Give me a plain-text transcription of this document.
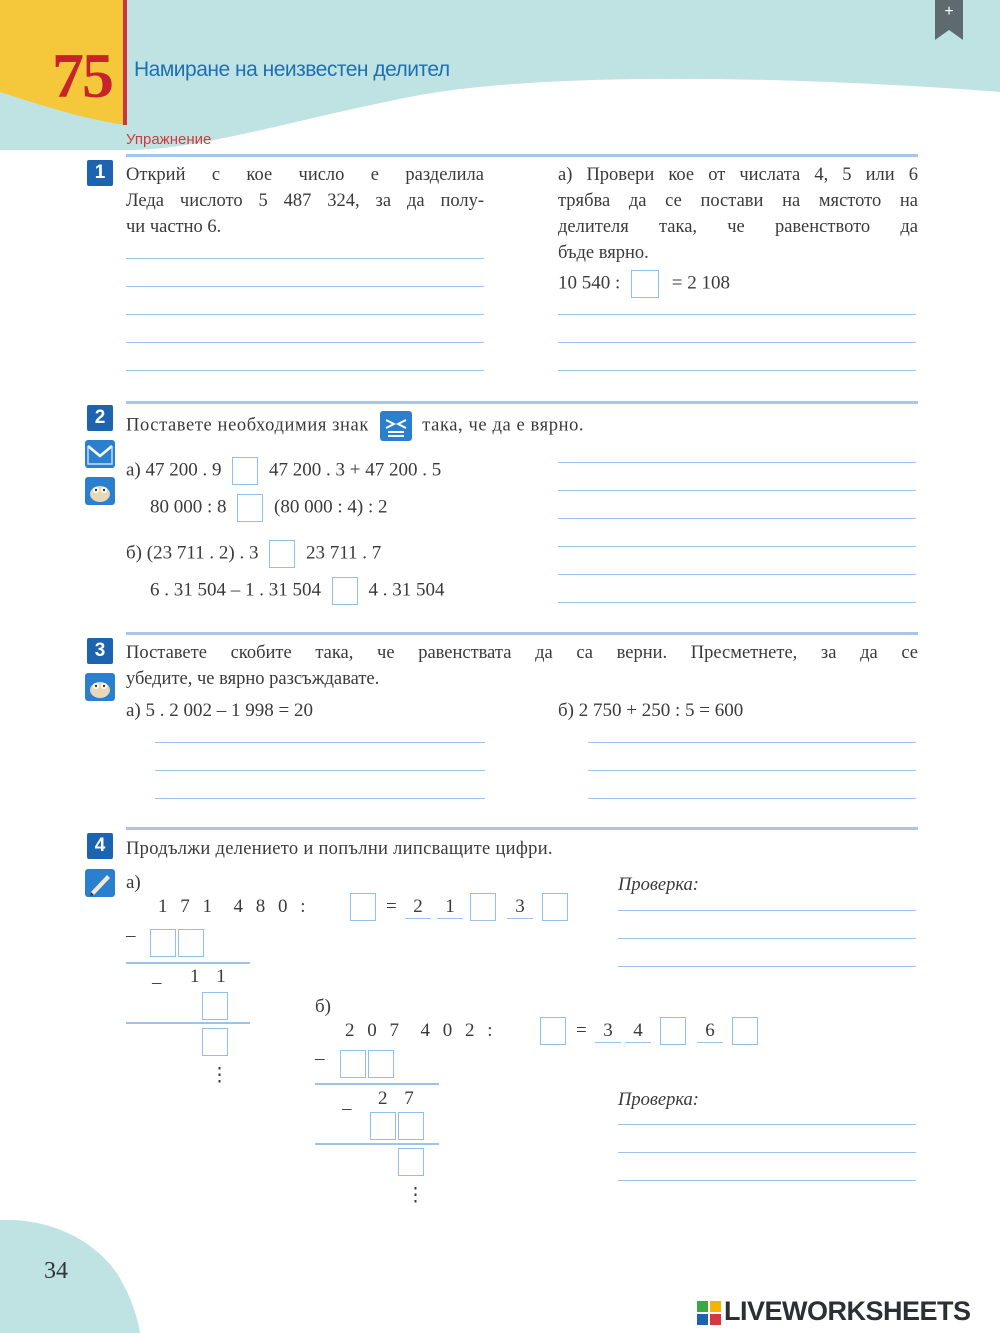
75 Намиране на неизвестен делител
+
Упражнение
1	Открий с кое число е разделила
Леда числото 5 487 324, за да полу-
чи частно 6.
а) Провери кое от числата 4, 5 или 6
трябва да се постави на мястото на
делителя така, че равенството да
бъде вярно.
10 540 :	= 2 108
2	Поставете необходимия знак	така, че да е вярно.
а) 47 200 . 9	47 200 . 3 + 47 200 . 5
80 000 : 8	(80 000 : 4) : 2
б) (23 711 . 2) . 3	23 711 . 7
6 . 31 504 – 1 . 31 504	4 . 31 504
3	Поставете скобите така, че равенствата да са верни. Пресметнете, за да се
убедите, че вярно разсъждавате.
а) 5 . 2 002 – 1 998 = 20	б) 2 750 + 250 : 5 = 600
4	Продължи делението и попълни липсващите цифри.
а)
1 7 1  4 8 0 :	= 2	1	3
–
– 1 1
⋮
Проверка:
б)
2 0 7  4 0 2 :	= 3	4	6
–
– 2 7
⋮
Проверка:
34
LIVEWORKSHEETS
